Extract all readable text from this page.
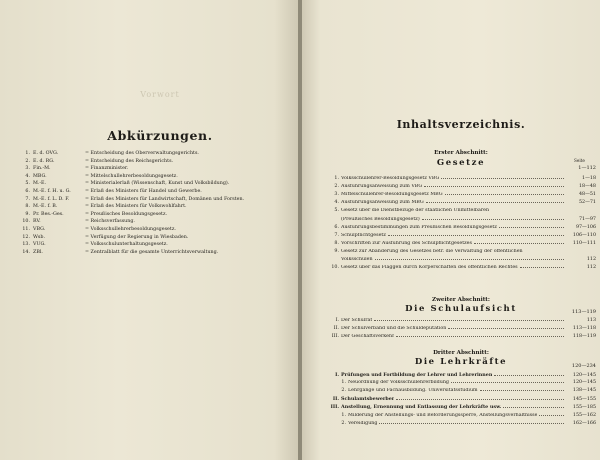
Vorwort
Abkürzungen.
1. E. d. OVG.	= Entscheidung des Oberverwaltungsgerichts.
2. E. d. RG.	= Entscheidung des Reichsgerichts.
3. Fin.-M.	= Finanzminister.
4. MBG.	= Mittelschullehrerbesoldungsgesetz.
5. M.-E.	= Ministerialerlaß (Wissenschaft, Kunst und Volksbildung).
6. M.-E. f. H. u. G.	= Erlaß des Ministers für Handel und Gewerbe.
7. M.-E. f. L. D. F.	= Erlaß des Ministers für Landwirtschaft, Domänen und Forsten.
8. M.-E. f. B.	= Erlaß des Ministers für Volkswohlfahrt.
9. Pr. Bes.-Ges.	= Preußisches Besoldungsgesetz.
10. RV.	= Reichsverfassung.
11. VBG.	= Volksschullehrerbesoldungsgesetz.
12. Wsb.	= Verfügung der Regierung in Wiesbaden.
13. VUG.	= Volksschulunterhaltungsgesetz.
14. ZBl.	= Zentralblatt für die gesamte Unterrichtsverwaltung.
Inhaltsverzeichnis.
Seite
Erster Abschnitt:
Gesetze	1—112
1. Volksschullehrer-Besoldungsgesetz VBG	1—18
2. Ausführungsanweisung zum VBG	18—48
3. Mittelschullehrer-Besoldungsgesetz MBG	48—51
4. Ausführungsanweisung zum MBG	52—71
5. Gesetz über die Dienstbezüge der staatlichen Unmittelbaren
(Preußisches Besoldungsgesetz)	71—97
6. Ausführungsbestimmungen zum Preußischen Besoldungsgesetz	97—106
7. Schulpflichtgesetz	106—110
8. Vorschriften zur Ausführung des Schulpflichtgesetzes	110—111
9. Gesetz zur Abänderung des Gesetzes betr. die Verwaltung der öffentlichen
Volksschulen	112
10. Gesetz über das Flaggen durch Körperschaften des öffentlichen Rechtes	112
Zweiter Abschnitt:
Die Schulaufsicht	113—119
I. Der Schulrat	113
II. Der Schulverband und die Schuldeputation	113—118
III. Der Geschäftsverkehr	118—119
Dritter Abschnitt:
Die Lehrkräfte	120—234
I. Prüfungen und Fortbildung der Lehrer und Lehrerinnen	120—145
1. Neuordnung der Volksschullehrerbildung	120—145
2. Lehrgänge und Fachausbildung. Universitätsstudium	138—145
II. Schulamtsbewerber	145—155
III. Anstellung, Ernennung und Entlassung der Lehrkräfte usw.	155—185
1. Milderung der Anstellungs- und Beförderungssperre, Anstellungsverhältnisse	155—162
2. Vereidigung	162—166
